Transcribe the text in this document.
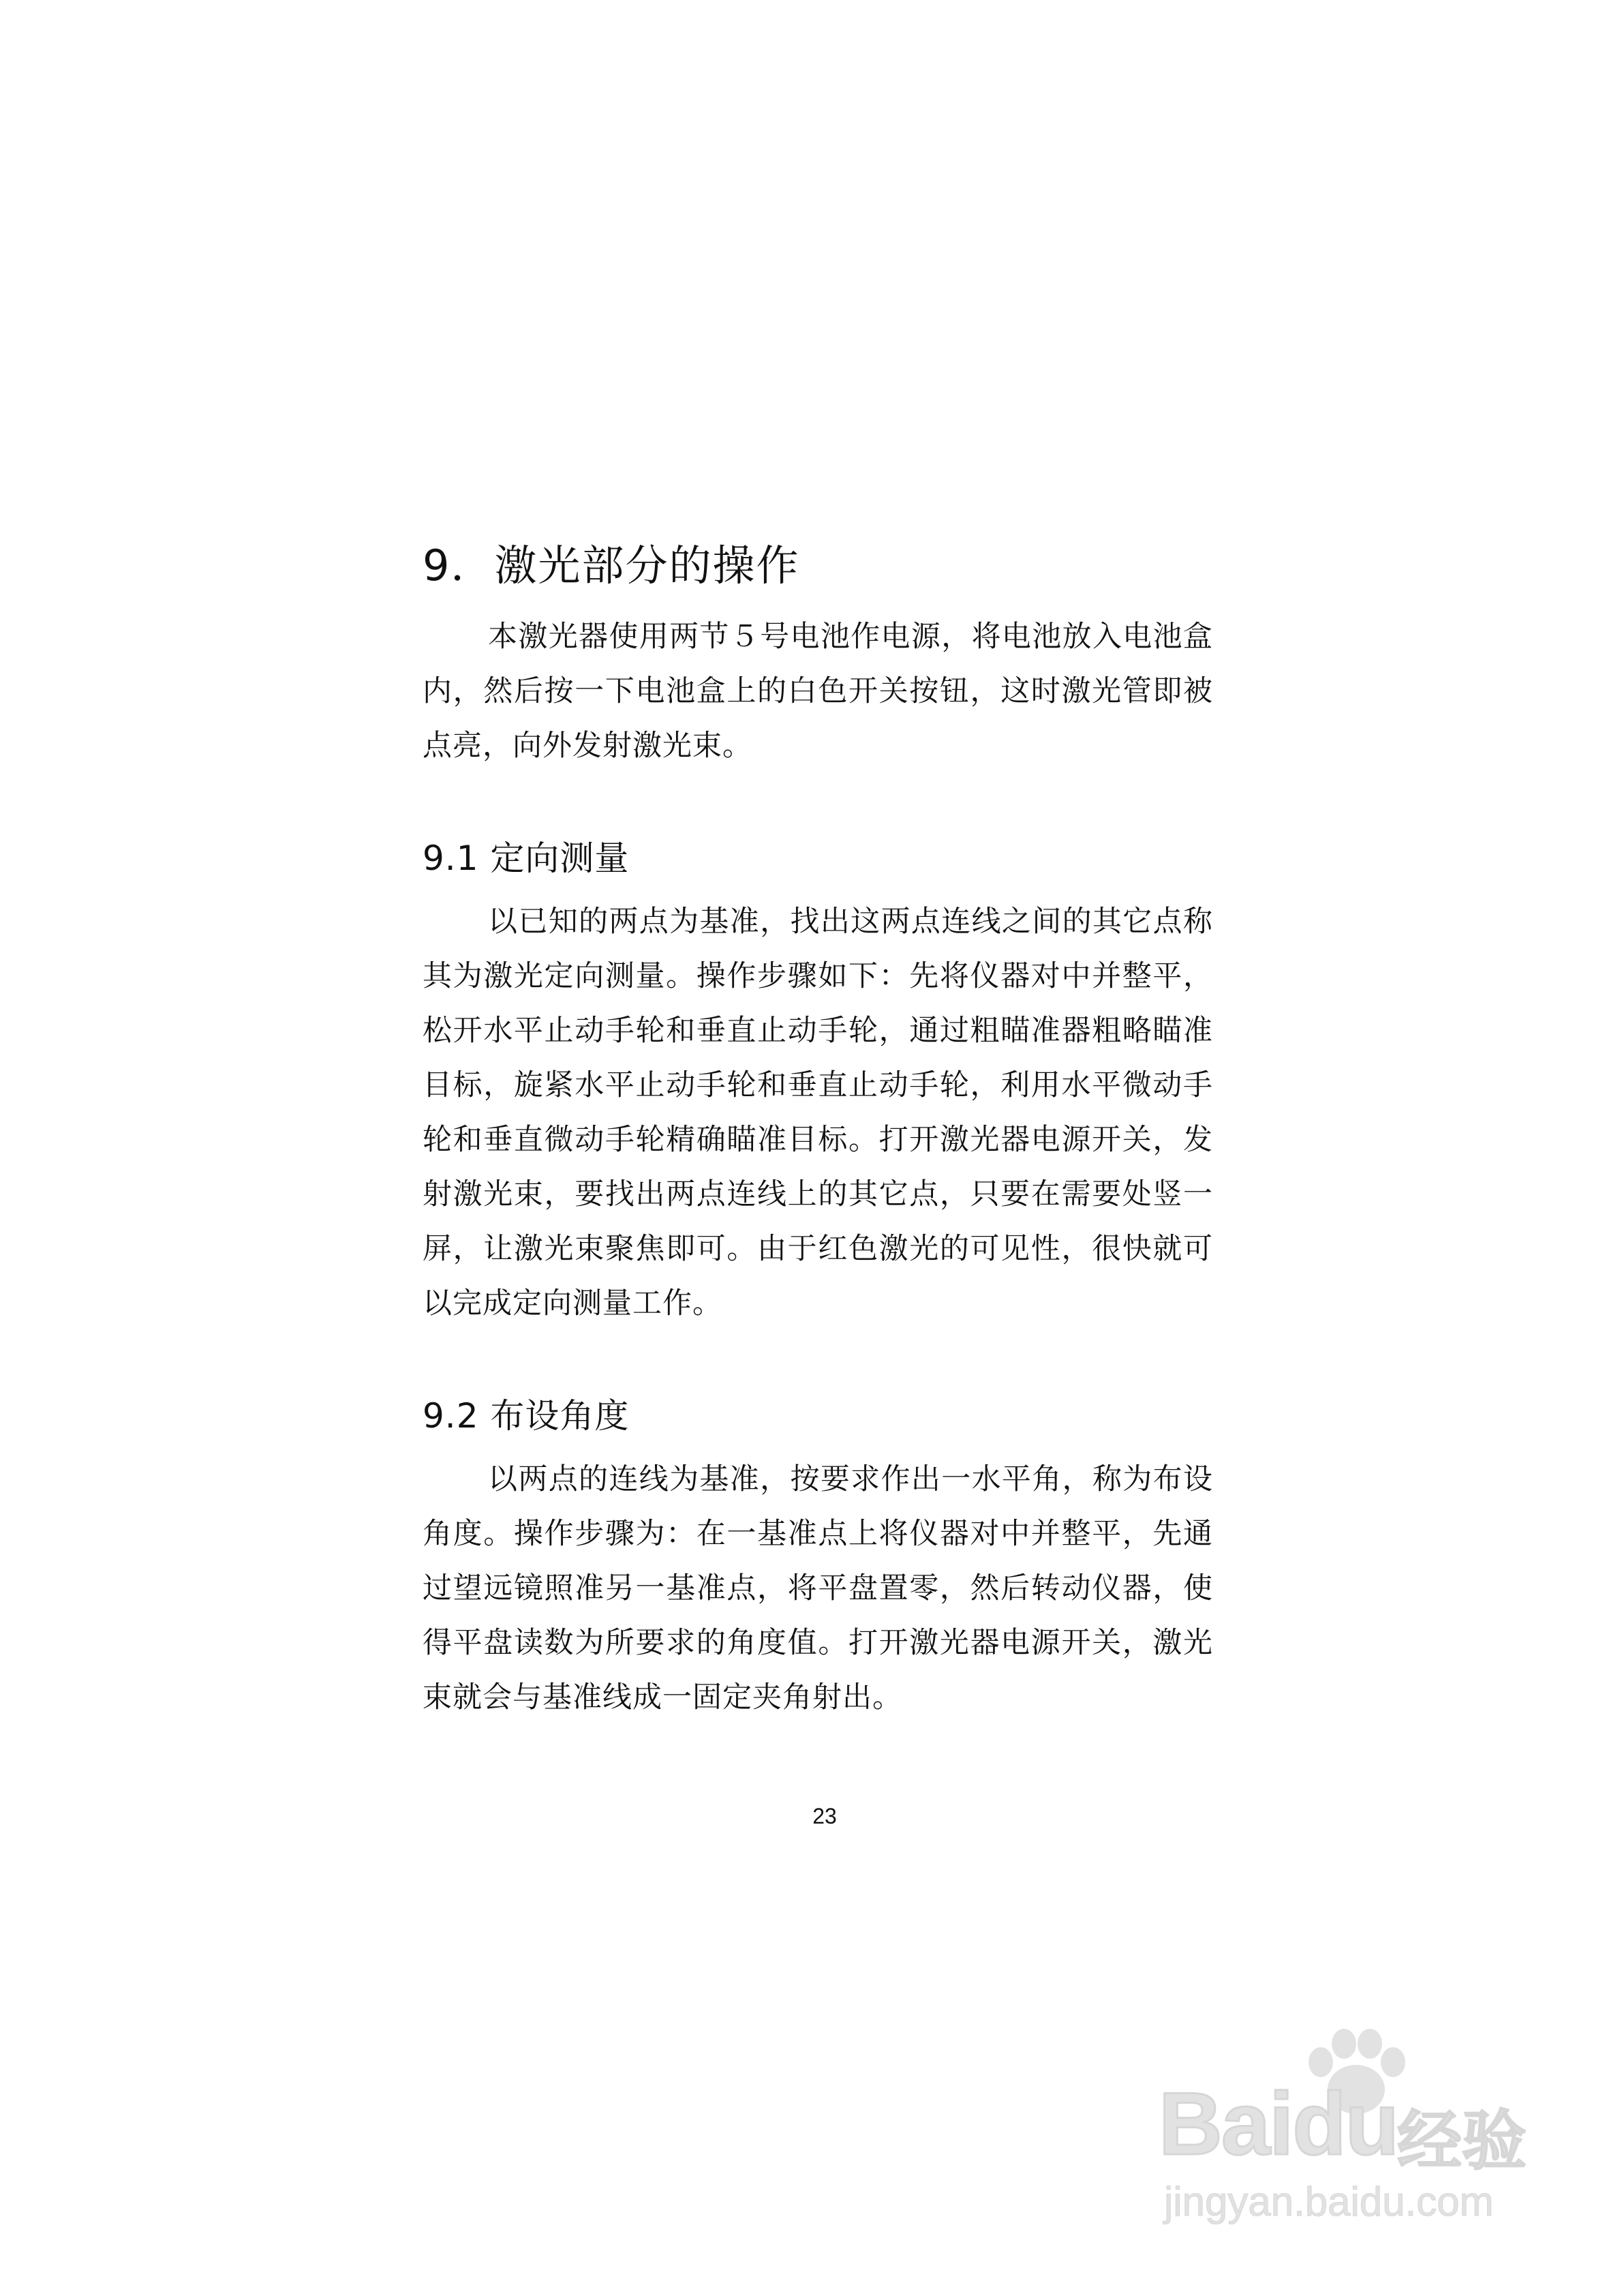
9．激光部分的操作

本激光器使用两节５号电池作电源，将电池放入电池盒内，然后按一下电池盒上的白色开关按钮，这时激光管即被点亮，向外发射激光束。

9.1 定向测量

以已知的两点为基准，找出这两点连线之间的其它点称其为激光定向测量。操作步骤如下：先将仪器对中并整平，松开水平止动手轮和垂直止动手轮，通过粗瞄准器粗略瞄准目标，旋紧水平止动手轮和垂直止动手轮，利用水平微动手轮和垂直微动手轮精确瞄准目标。打开激光器电源开关，发射激光束，要找出两点连线上的其它点，只要在需要处竖一屏，让激光束聚焦即可。由于红色激光的可见性，很快就可以完成定向测量工作。

9.2 布设角度

以两点的连线为基准，按要求作出一水平角，称为布设角度。操作步骤为：在一基准点上将仪器对中并整平，先通过望远镜照准另一基准点，将平盘置零，然后转动仪器，使得平盘读数为所要求的角度值。打开激光器电源开关，激光束就会与基准线成一固定夹角射出。

23
Baidu
经验
jingyan.baidu.com
